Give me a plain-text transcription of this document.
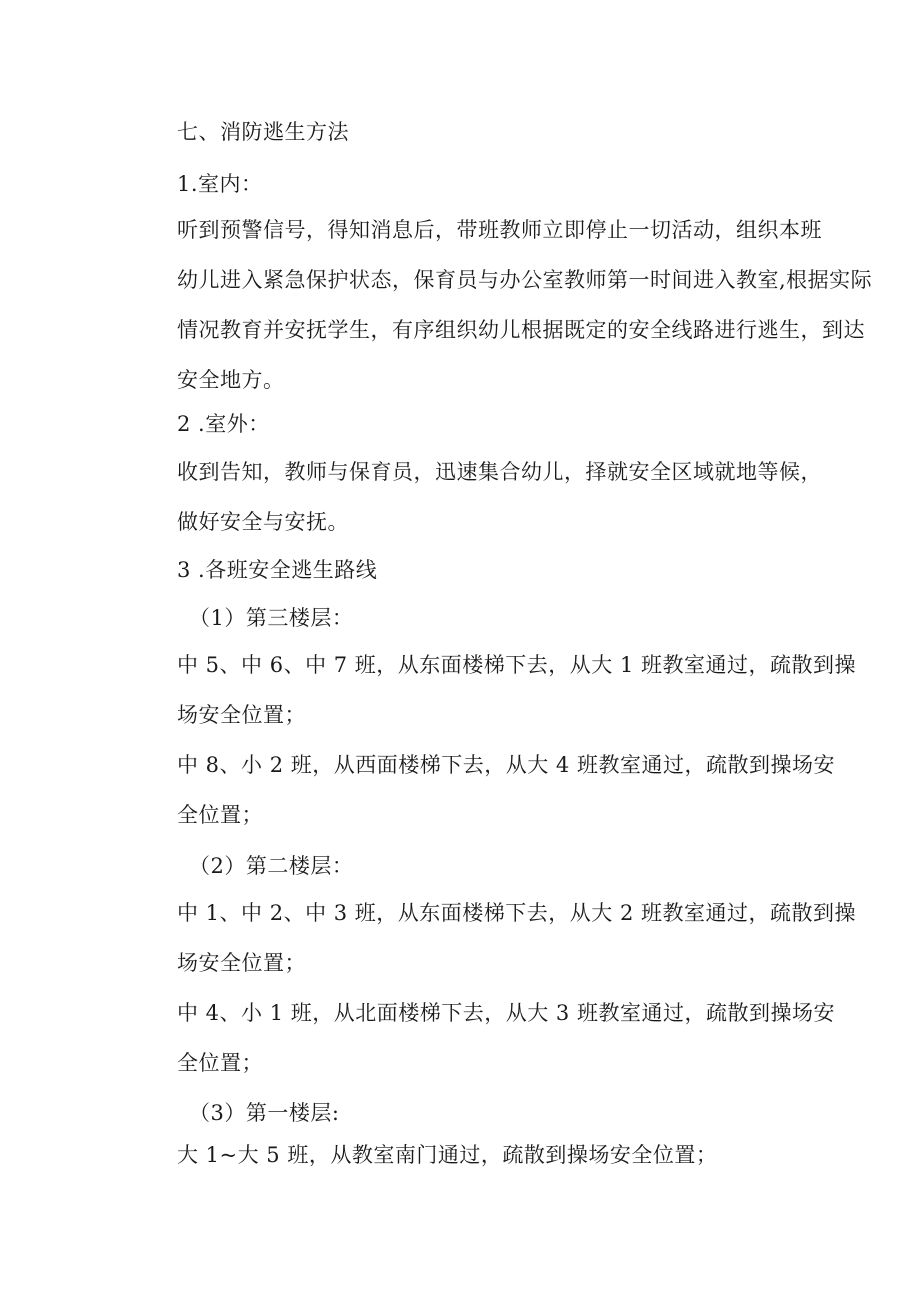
七、消防逃生方法
1.室内：
听到预警信号，得知消息后，带班教师立即停止一切活动，组织本班
幼儿进入紧急保护状态，保育员与办公室教师第一时间进入教室,根据实际
情况教育并安抚学生，有序组织幼儿根据既定的安全线路进行逃生，到达
安全地方。
2 .室外：
收到告知，教师与保育员，迅速集合幼儿，择就安全区域就地等候，
做好安全与安抚。
3 .各班安全逃生路线
（1）第三楼层：
中 5、中 6、中 7 班，从东面楼梯下去，从大 1 班教室通过，疏散到操
场安全位置；
中 8、小 2 班，从西面楼梯下去，从大 4 班教室通过，疏散到操场安
全位置；
（2）第二楼层：
中 1、中 2、中 3 班，从东面楼梯下去，从大 2 班教室通过，疏散到操
场安全位置；
中 4、小 1 班，从北面楼梯下去，从大 3 班教室通过，疏散到操场安
全位置；
（3）第一楼层:
大 1~大 5 班，从教室南门通过，疏散到操场安全位置；
